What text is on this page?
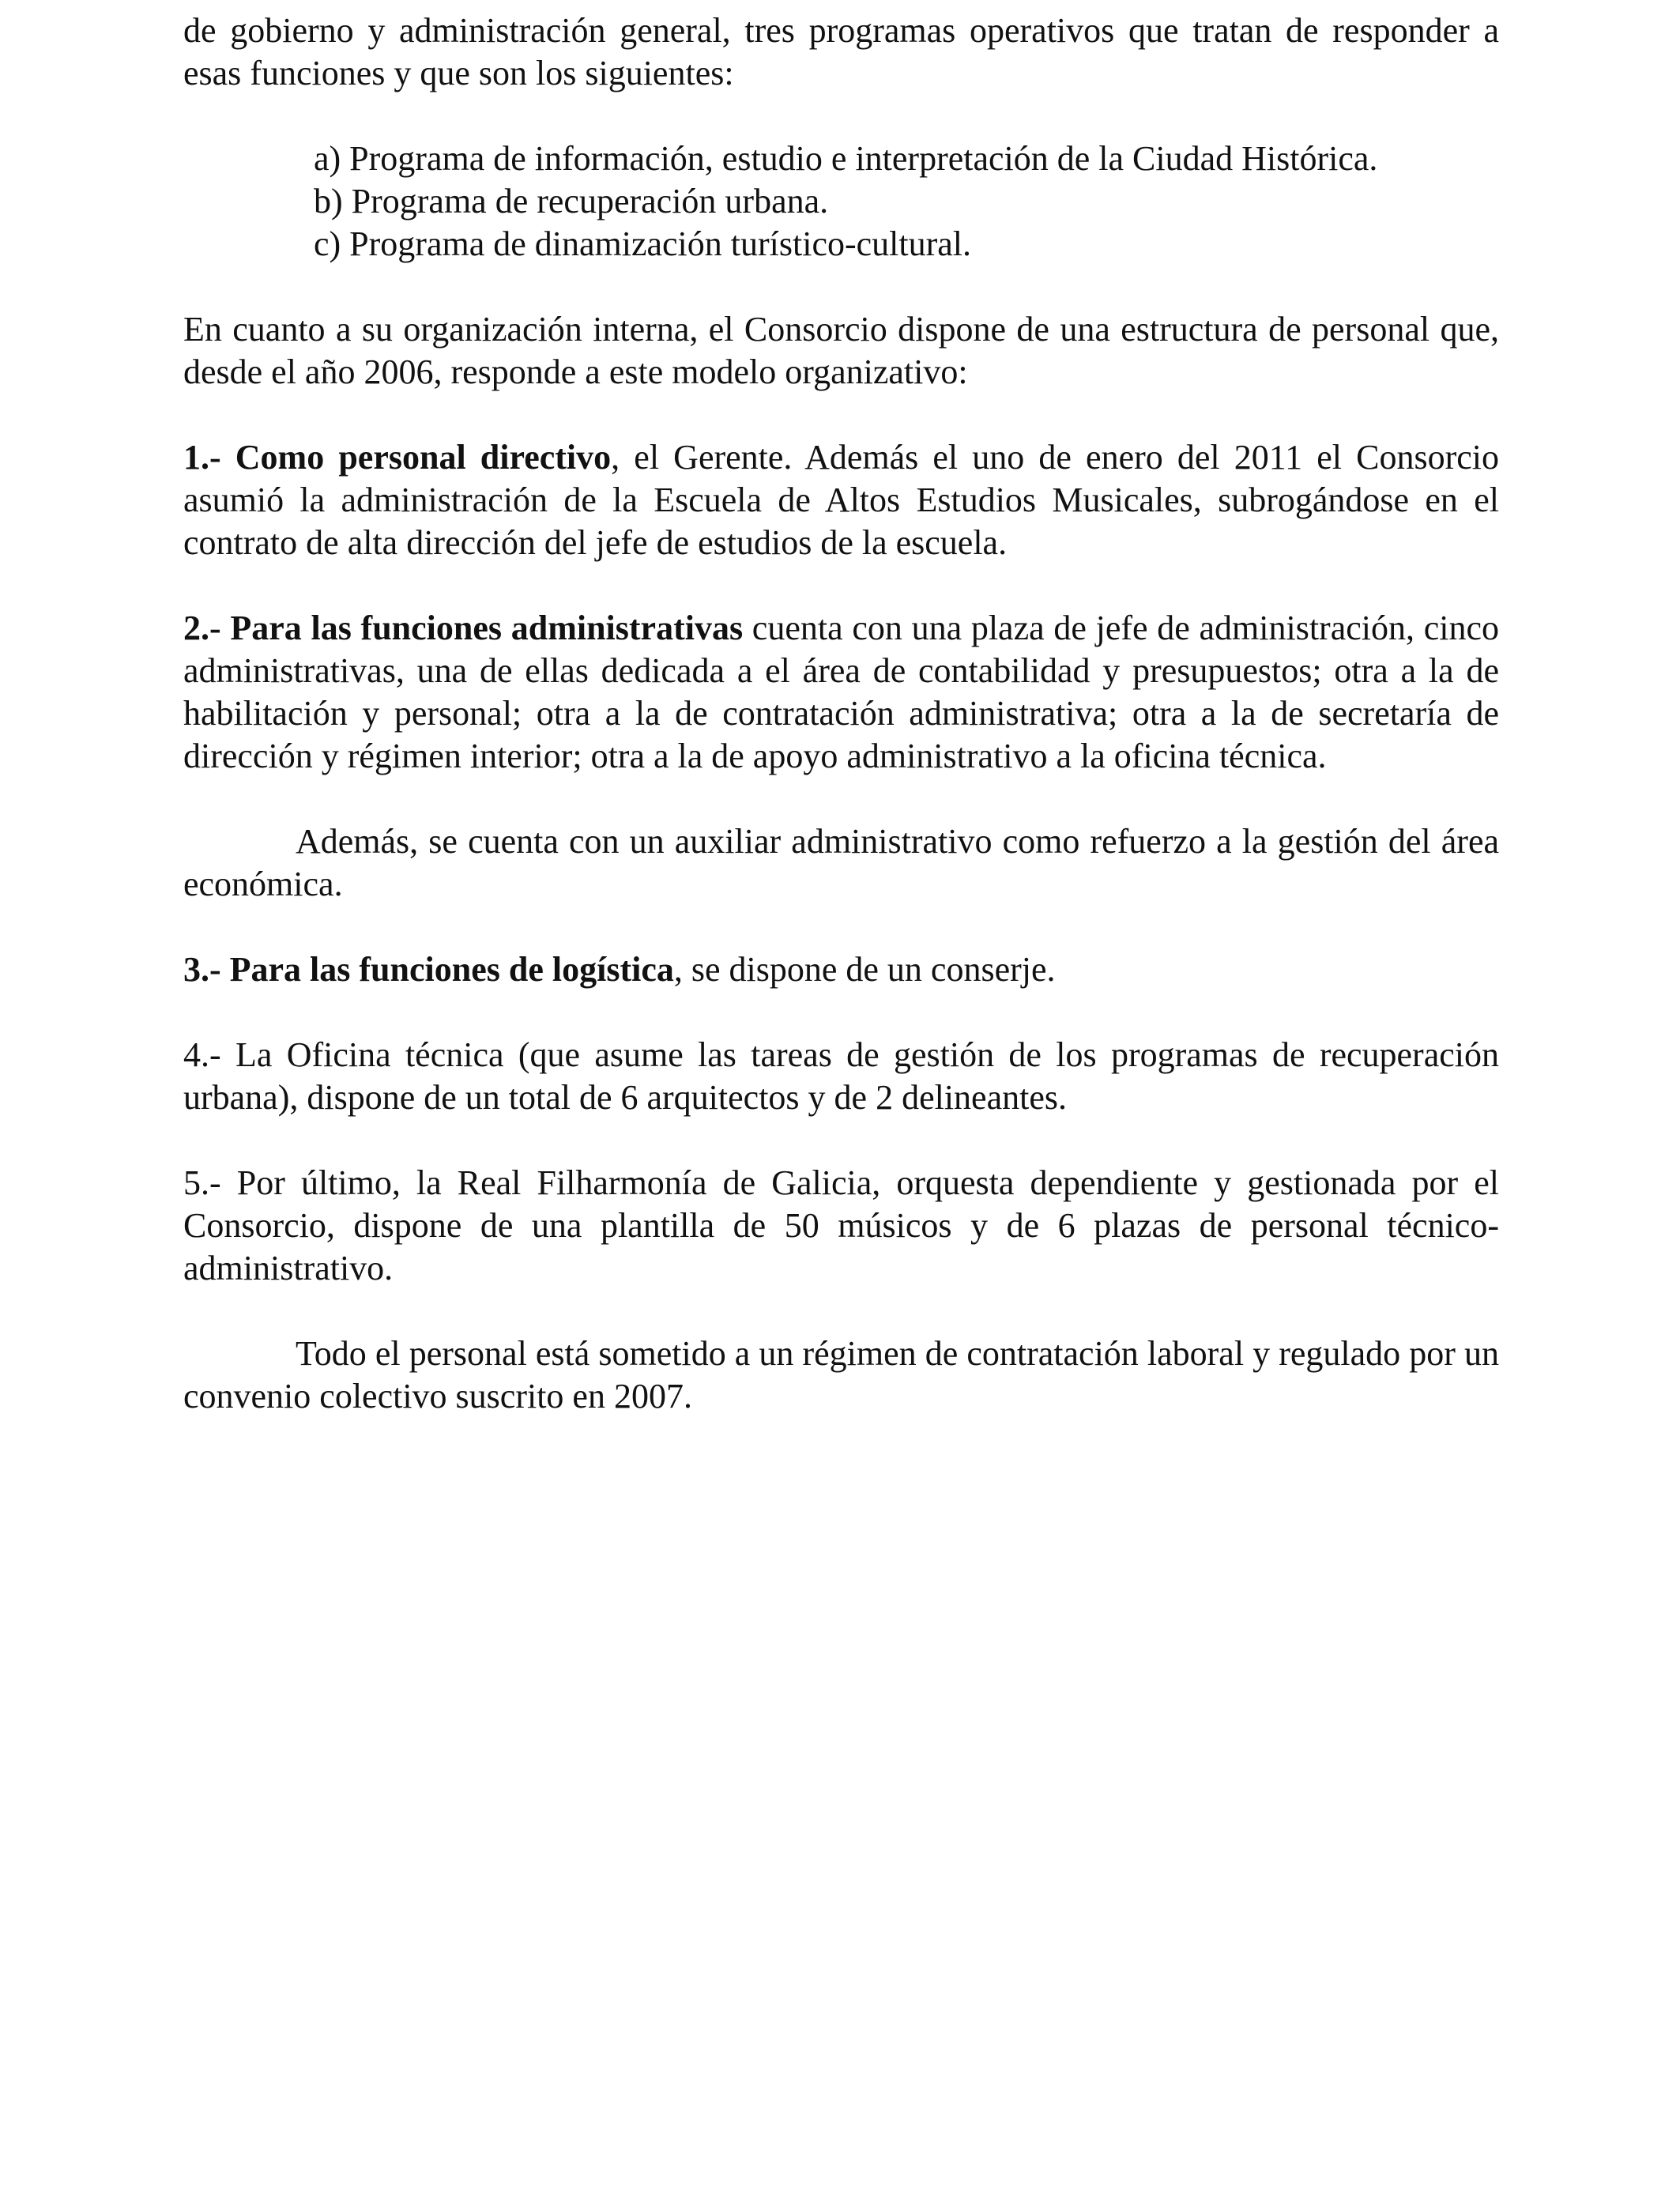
de gobierno y administración general, tres programas operativos que tratan de responder a esas funciones y que son los siguientes:

a) Programa de información, estudio e interpretación de la Ciudad Histórica.
b) Programa de recuperación urbana.
c) Programa de dinamización turístico-cultural.

En cuanto a su organización interna, el Consorcio dispone de una estructura de personal que, desde el año 2006, responde a este modelo organizativo:

1.- Como personal directivo, el Gerente. Además el uno de enero del 2011 el Consorcio asumió la administración de la Escuela de Altos Estudios Musicales, subrogándose en el contrato de alta dirección del jefe de estudios de la escuela.

2.- Para las funciones administrativas cuenta con una plaza de jefe de administración, cinco administrativas, una de ellas dedicada a el área de contabilidad y presupuestos; otra a la de habilitación y personal; otra a la de contratación administrativa; otra a la de secretaría de dirección y régimen interior; otra a la de apoyo administrativo a la oficina técnica.

Además, se cuenta con un auxiliar administrativo como refuerzo a la gestión del área económica.

3.- Para las funciones de logística, se dispone de un conserje.

4.- La Oficina técnica (que asume las tareas de gestión de los programas de recuperación urbana), dispone de un total de 6 arquitectos y de 2 delineantes.

5.- Por último, la Real Filharmonía de Galicia, orquesta dependiente y gestionada por el Consorcio, dispone de una plantilla de 50 músicos y de 6 plazas de personal técnico-administrativo.

Todo el personal está sometido a un régimen de contratación laboral y regulado por un convenio colectivo suscrito en 2007.
